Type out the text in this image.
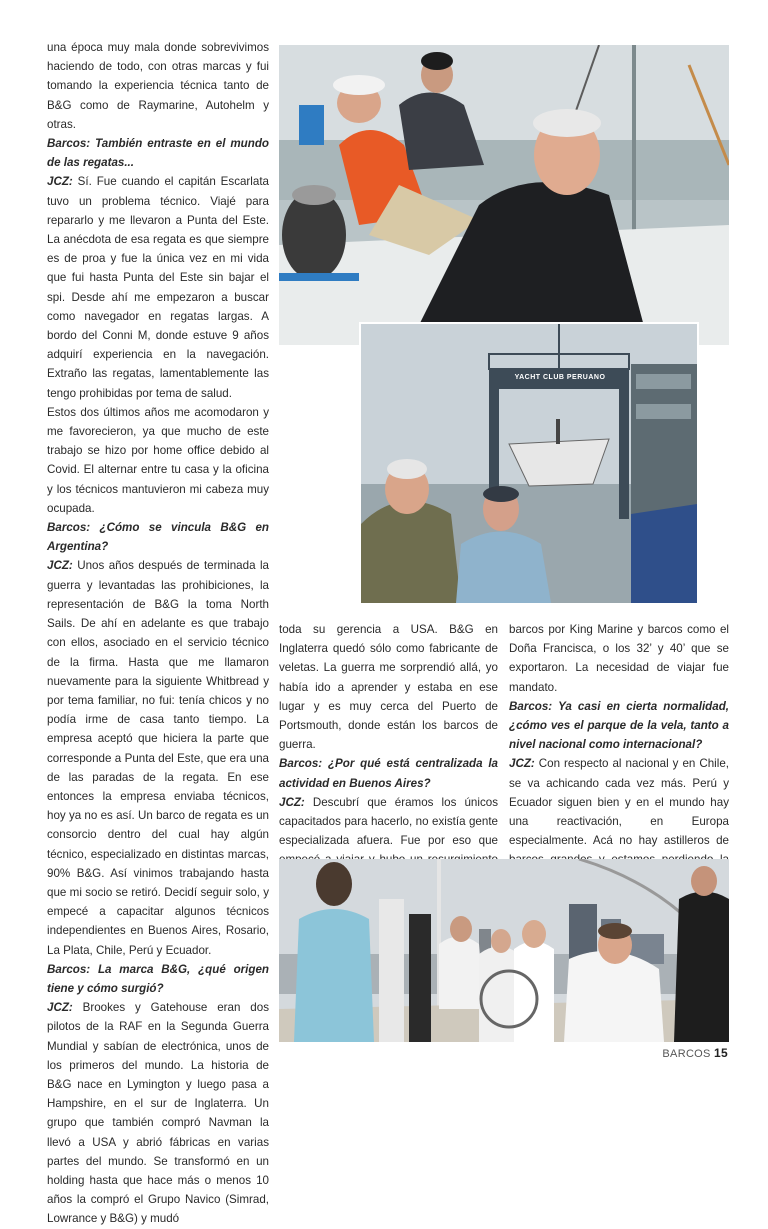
una época muy mala donde sobrevivimos haciendo de todo, con otras marcas y fui tomando la experiencia técnica tanto de B&G como de Raymarine, Autohelm y otras.

Barcos: También entraste en el mundo de las regatas...

JCZ: Sí. Fue cuando el capitán Escarlata tuvo un problema técnico. Viajé para repararlo y me llevaron a Punta del Este. La anécdota de esa regata es que siempre es de proa y fue la única vez en mi vida que fui hasta Punta del Este sin bajar el spi. Desde ahí me empezaron a buscar como navegador en regatas largas. A bordo del Conni M, donde estuve 9 años adquirí experiencia en la navegación. Extraño las regatas, lamentablemente las tengo prohibidas por tema de salud.

Estos dos últimos años me acomodaron y me favorecieron, ya que mucho de este trabajo se hizo por home office debido al Covid. El alternar entre tu casa y la oficina y los técnicos mantuvieron mi cabeza muy ocupada.

Barcos: ¿Cómo se vincula B&G en Argentina?

JCZ: Unos años después de terminada la guerra y levantadas las prohibiciones, la representación de B&G la toma North Sails. De ahí en adelante es que trabajo con ellos, asociado en el servicio técnico de la firma. Hasta que me llamaron nuevamente para la siguiente Whitbread y por tema familiar, no fui: tenía chicos y no podía irme de casa tanto tiempo. La empresa aceptó que hiciera la parte que corresponde a Punta del Este, que era una de las paradas de la regata. En ese entonces la empresa enviaba técnicos, hoy ya no es así. Un barco de regata es un consorcio dentro del cual hay algún técnico, especializado en distintas marcas, 90% B&G. Así vinimos trabajando hasta que mi socio se retiró. Decidí seguir solo, y empecé a capacitar algunos técnicos independientes en Buenos Aires, Rosario, La Plata, Chile, Perú y Ecuador.

Barcos: La marca B&G, ¿qué origen tiene y cómo surgió?

JCZ: Brookes y Gatehouse eran dos pilotos de la RAF en la Segunda Guerra Mundial y sabían de electrónica, unos de los primeros del mundo. La historia de B&G nace en Lymington y luego pasa a Hampshire, en el sur de Inglaterra. Un grupo que también compró Navman la llevó a USA y abrió fábricas en varias partes del mundo. Se transformó en un holding hasta que hace más o menos 10 años la compró el Grupo Navico (Simrad, Lowrance y B&G) y mudó

toda su gerencia a USA. B&G en Inglaterra quedó sólo como fabricante de veletas. La guerra me sorprendió allá, yo había ido a aprender y estaba en ese lugar y es muy cerca del Puerto de Portsmouth, donde están los barcos de guerra.

Barcos: ¿Por qué está centralizada la actividad en Buenos Aires?

JCZ: Descubrí que éramos los únicos capacitados para hacerlo, no existía gente especializada afuera. Fue por eso que

barcos por King Marine y barcos como el Doña Francisca, o los 32’ y 40’ que se exportaron. La necesidad de viajar fue mandato.

Barcos: Ya casi en cierta normalidad, ¿cómo ves el parque de la vela, tanto a nivel nacional como internacional?

JCZ: Con respecto al nacional y en Chile, se va achicando cada vez más. Perú y Ecuador siguen bien y en el mundo hay una reactivación, en Europa especialmente. Acá no hay astilleros de

YACHT CLUB PERUANO
BARCOS 15
